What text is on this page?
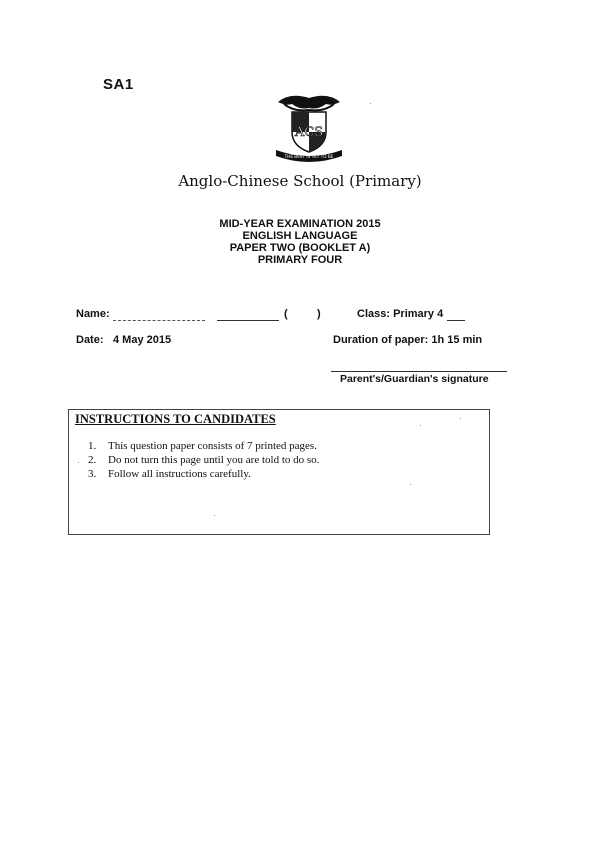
SA1
ACS
THE BEST IS YET TO BE
Anglo-Chinese School (Primary)
MID-YEAR EXAMINATION 2015
ENGLISH LANGUAGE
PAPER TWO (BOOKLET A)
PRIMARY FOUR
Name:	(	)	Class: Primary 4
Date: 4 May 2015	Duration of paper: 1h 15 min
Parent's/Guardian's signature
INSTRUCTIONS TO CANDIDATES
1. This question paper consists of 7 printed pages.
2. Do not turn this page until you are told to do so.
3. Follow all instructions carefully.
